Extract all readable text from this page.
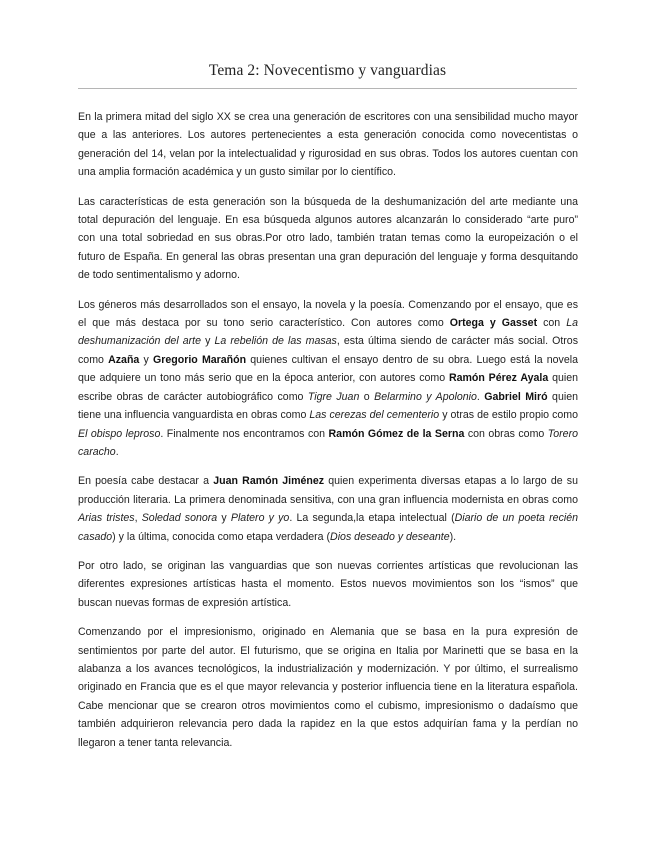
Tema 2: Novecentismo y vanguardias

En la primera mitad del siglo XX se crea una generación de escritores con una sensibilidad mucho mayor que a las anteriores. Los autores pertenecientes a esta generación conocida como novecentistas o generación del 14, velan por la intelectualidad y rigurosidad en sus obras. Todos los autores cuentan con una amplia formación académica y un gusto similar por lo científico.

Las características de esta generación son la búsqueda de la deshumanización del arte mediante una total depuración del lenguaje. En esa búsqueda algunos autores alcanzarán lo considerado “arte puro” con una total sobriedad en sus obras.Por otro lado, también tratan temas como la europeización o el futuro de España. En general las obras presentan una gran depuración del lenguaje y forma desquitando de todo sentimentalismo y adorno.

Los géneros más desarrollados son el ensayo, la novela y la poesía. Comenzando por el ensayo, que es el que más destaca por su tono serio característico. Con autores como Ortega y Gasset con La deshumanización del arte y La rebelión de las masas, esta última siendo de carácter más social. Otros como Azaña y Gregorio Marañón quienes cultivan el ensayo dentro de su obra. Luego está la novela que adquiere un tono más serio que en la época anterior, con autores como Ramón Pérez Ayala quien escribe obras de carácter autobiográfico como Tigre Juan o Belarmino y Apolonio. Gabriel Miró quien tiene una influencia vanguardista en obras como Las cerezas del cementerio y otras de estilo propio como El obispo leproso. Finalmente nos encontramos con Ramón Gómez de la Serna con obras como Torero caracho.

En poesía cabe destacar a Juan Ramón Jiménez quien experimenta diversas etapas a lo largo de su producción literaria. La primera denominada sensitiva, con una gran influencia modernista en obras como Arias tristes, Soledad sonora y Platero y yo. La segunda,la etapa intelectual (Diario de un poeta recién casado) y la última, conocida como etapa verdadera (Dios deseado y deseante).

Por otro lado, se originan las vanguardias que son nuevas corrientes artísticas que revolucionan las diferentes expresiones artísticas hasta el momento. Estos nuevos movimientos son los “ismos” que buscan nuevas formas de expresión artística.

Comenzando por el impresionismo, originado en Alemania que se basa en la pura expresión de sentimientos por parte del autor. El futurismo, que se origina en Italia por Marinetti que se basa en la alabanza a los avances tecnológicos, la industrialización y modernización. Y por último, el surrealismo originado en Francia que es el que mayor relevancia y posterior influencia tiene en la literatura española. Cabe mencionar que se crearon otros movimientos como el cubismo, impresionismo o dadaísmo que también adquirieron relevancia pero dada la rapidez en la que estos adquirían fama y la perdían no llegaron a tener tanta relevancia.
